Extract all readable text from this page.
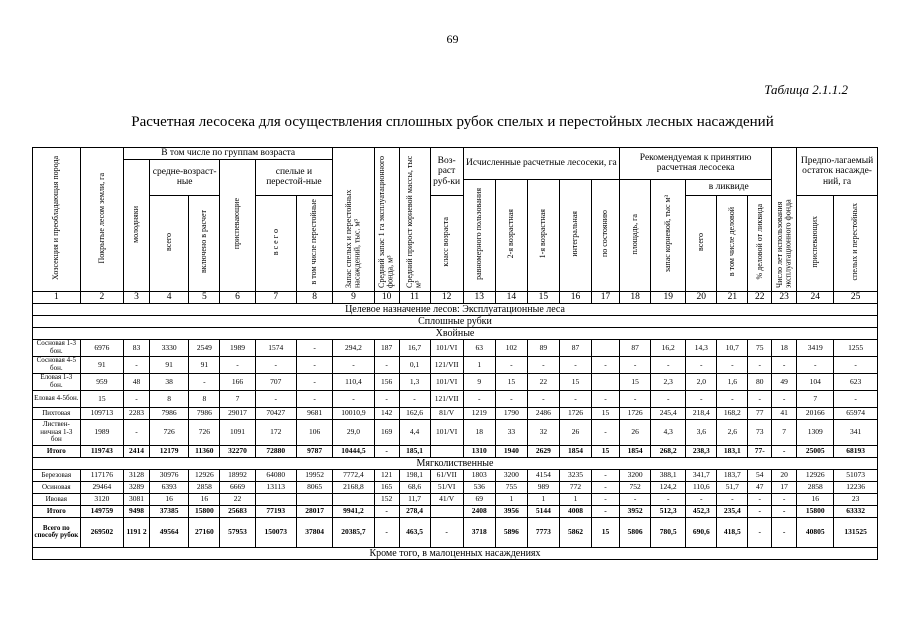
69
Таблица 2.1.1.2
Расчетная лесосека для осуществления сплошных рубок спелых и перестойных лесных насаждений
Хозсекция и преобладающая порода	Покрытые лесом земли, га	В том числе по группам возраста						Запас спелых и перестойных насаждений, тыс. м³	Средний запас 1 га эксплуатационного фонда, м³	Средний прирост корневой массы, тыс м³	Воз-раст руб-ки	Исчисленные расчетные лесосеки, га					Рекомендуемая к принятию расчетная лесосека					Число лет использования эксплуатационного фонда	Предпо-лагаемый остаток насажде-ний, га	
		молодняки	средне-возраст-ные		приспевающие	спелые и перестой-ные																		
												равномерного пользования	2-я возрастная	1-я возрастная	интегральная	по состоянию	площадь, га	запас корневой, тыс м³	в ликвиде					
			всего	включено в расчет		в с е г о	в том числе перестойные				класс возраста								всего	в том числе деловой	% деловой от ликвида		приспевающих	спелых и перестойных
1	2	3	4	5	6	7	8	9	10	11	12	13	14	15	16	17	18	19	20	21	22	23	24	25
Целевое назначение лесов: Эксплуатационные леса																								
Сплошные рубки																								
Хвойные																								
Сосновая 1-3 бон.	6976	83	3330	2549	1989	1574	-	294,2	187	16,7	101/VI	63	102	89	87		87	16,2	14,3	10,7	75	18	3419	1255
Сосновая 4-5 бон.	91	-	91	91	-	-	-	-	-	0,1	121/VII	1	-	-	-	-	-	-	-	-	-	-	-	-
Еловая 1-3 бон.	959	48	38	-	166	707	-	110,4	156	1,3	101/VI	9	15	22	15		15	2,3	2,0	1,6	80	49	104	623
Еловая 4-5бон.	15	-	8	8	7	-	-	-	-	-	121/VII	-	-	-	-	-	-	-	-	-	-	-	7	-
Пихтовая	109713	2283	7986	7986	29017	70427	9681	10010,9	142	162,6	81/V	1219	1790	2486	1726	15	1726	245,4	218,4	168,2	77	41	20166	65974
Листвен-ничная 1-3 бон	1989	-	726	726	1091	172	106	29,0	169	4,4	101/VI	18	33	32	26	-	26	4,3	3,6	2,6	73	7	1309	341
Итого	119743	2414	12179	11360	32270	72880	9787	10444,5	-	185,1		1310	1940	2629	1854	15	1854	268,2	238,3	183,1	77-	-	25005	68193
Мягколиственные																								
Березовая	117176	3128	30976	12926	18992	64080	19952	7772,4	121	198,1	61/VII	1803	3200	4154	3235	-	3200	388,1	341,7	183,7	54	20	12926	51073
Осиновая	29464	3289	6393	2858	6669	13113	8065	2168,8	165	68,6	51/VI	536	755	989	772	-	752	124,2	110,6	51,7	47	17	2858	12236
Ивовая	3120	3081	16	16	22				152	11,7	41/V	69	1	1	1	-	-	-	-	-	-	-	16	23
Итого	149759	9498	37385	15800	25683	77193	28017	9941,2	-	278,4		2408	3956	5144	4008	-	3952	512,3	452,3	235,4	-	-	15800	63332
Всего по способу рубок	269502	1191 2	49564	27160	57953	150073	37804	20385,7	-	463,5	-	3718	5896	7773	5862	15	5806	780,5	690,6	418,5	-	-	40805	131525
Кроме того, в малоценных насаждениях																								
